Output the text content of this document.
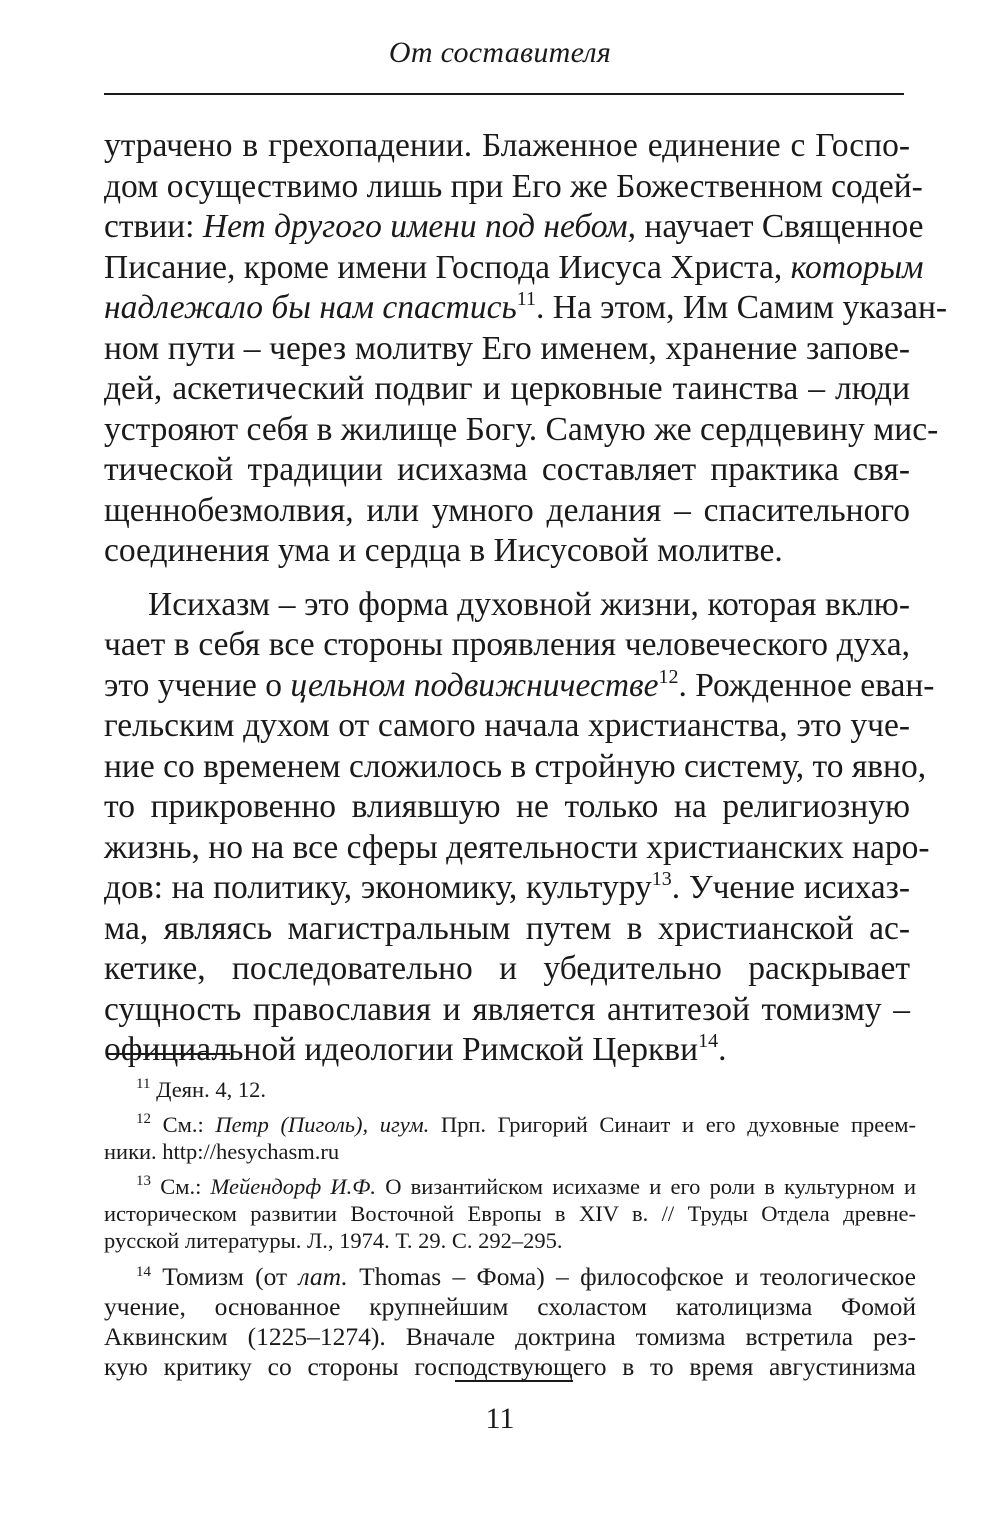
От составителя
утрачено в грехопадении. Блаженное единение с Госпо-
дом осуществимо лишь при Его же Божественном содей-
ствии: Нет другого имени под небом, научает Священное
Писание, кроме имени Господа Иисуса Христа, которым
надлежало бы нам спастись$^{11}$. На этом, Им Самим указан-
ном пути – через молитву Его именем, хранение запове-
дей, аскетический подвиг и церковные таинства – люди
устрояют себя в жилище Богу. Самую же сердцевину мис-
тической традиции исихазма составляет практика свя-
щеннобезмолвия, или умного делания – спасительного
соединения ума и сердца в Иисусовой молитве.
Исихазм – это форма духовной жизни, которая вклю-
чает в себя все стороны проявления человеческого духа,
это учение о цельном подвижничестве$^{12}$. Рожденное еван-
гельским духом от самого начала христианства, это уче-
ние со временем сложилось в стройную систему, то явно,
то прикровенно влиявшую не только на религиозную
жизнь, но на все сферы деятельности христианских наро-
дов: на политику, экономику, культуру$^{13}$. Учение исихаз-
ма, являясь магистральным путем в христианской ас-
кетике, последовательно и убедительно раскрывает
сущность православия и является антитезой томизму –
официальной идеологии Римской Церкви$^{14}$.
$^{11}$ Деян. 4, 12.
$^{12}$ См.: Петр (Пиголь), игум. Прп. Григорий Синаит и его духовные преем-
ники. http://hesychasm.ru
$^{13}$ См.: Мейендорф И.Ф. О византийском исихазме и его роли в культурном и
историческом развитии Восточной Европы в XIV в. // Труды Отдела древне-
русской литературы. Л., 1974. Т. 29. С. 292–295.
$^{14}$ Томизм (от лат. Thomas – Фома) – философское и теологическое
учение, основанное крупнейшим схоластом католицизма Фомой
Аквинским (1225–1274). Вначале доктрина томизма встретила рез-
кую критику со стороны господствующего в то время августинизма
11
